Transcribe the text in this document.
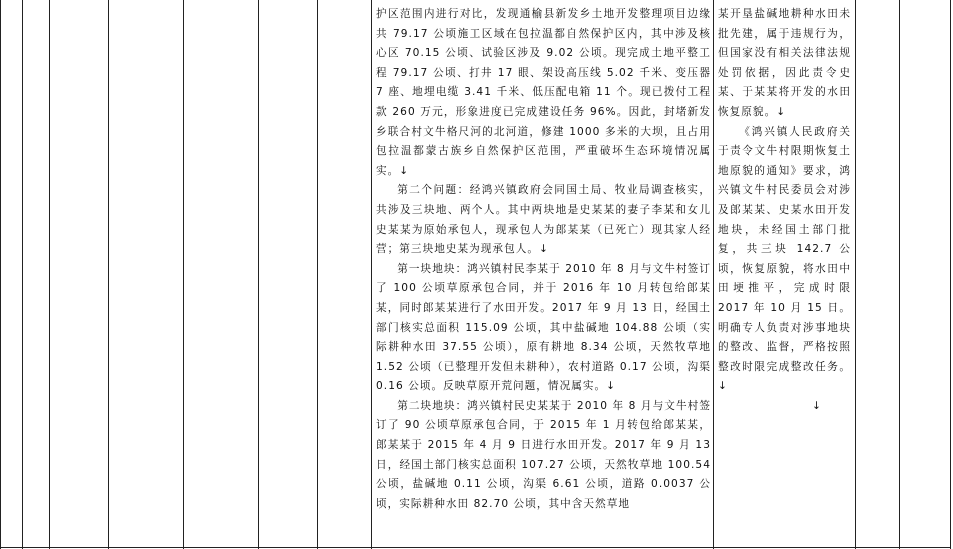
护区范围内进行对比，发现通榆县新发乡土地开发整理项目边缘共 79.17 公顷施工区域在包拉温都自然保护区内，其中涉及核心区 70.15 公顷、试验区涉及 9.02 公顷。现完成土地平整工程 79.17 公顷、打井 17 眼、架设高压线 5.02 千米、变压器 7 座、地埋电缆 3.41 千米、低压配电箱 11 个。现已拨付工程款 260 万元，形象进度已完成建设任务 96%。因此，封堵新发乡联合村文牛格尺河的北河道，修建 1000 多米的大坝，且占用包拉温都蒙古族乡自然保护区范围，严重破坏生态环境情况属实。↓

第二个问题：经鸿兴镇政府会同国土局、牧业局调查核实，共涉及三块地、两个人。其中两块地是史某某的妻子李某和女儿史某某为原始承包人，现承包人为郎某某（已死亡）现其家人经营；第三块地史某为现承包人。↓

第一块地块：鸿兴镇村民李某于 2010 年 8 月与文牛村签订了 100 公顷草原承包合同，并于 2016 年 10 月转包给郎某某，同时郎某某进行了水田开发。2017 年 9 月 13 日，经国土部门核实总面积 115.09 公顷，其中盐碱地 104.88 公顷（实际耕种水田 37.55 公顷），原有耕地 8.34 公顷，天然牧草地 1.52 公顷（已整理开发但未耕种），农村道路 0.17 公顷，沟渠 0.16 公顷。反映草原开荒问题，情况属实。↓

第二块地块：鸿兴镇村民史某某于 2010 年 8 月与文牛村签订了 90 公顷草原承包合同，于 2015 年 1 月转包给郎某某，郎某某于 2015 年 4 月 9 日进行水田开发。2017 年 9 月 13 日，经国土部门核实总面积 107.27 公顷，天然牧草地 100.54 公顷，盐碱地 0.11 公顷，沟渠 6.61 公顷，道路 0.0037 公顷，实际耕种水田 82.70 公顷，其中含天然草地

某开垦盐碱地耕种水田未批先建，属于违规行为，但国家没有相关法律法规处罚依据，因此责令史某、于某某将开发的水田恢复原貌。↓

《鸿兴镇人民政府关于责令文牛村限期恢复土地原貌的通知》要求，鸿兴镇文牛村民委员会对涉及郎某某、史某水田开发地块，未经国土部门批复，共三块 142.7 公顷，恢复原貌，将水田中田埂推平，完成时限 2017 年 10 月 15 日。明确专人负责对涉事地块的整改、监督，严格按照整改时限完成整改任务。↓

↓
